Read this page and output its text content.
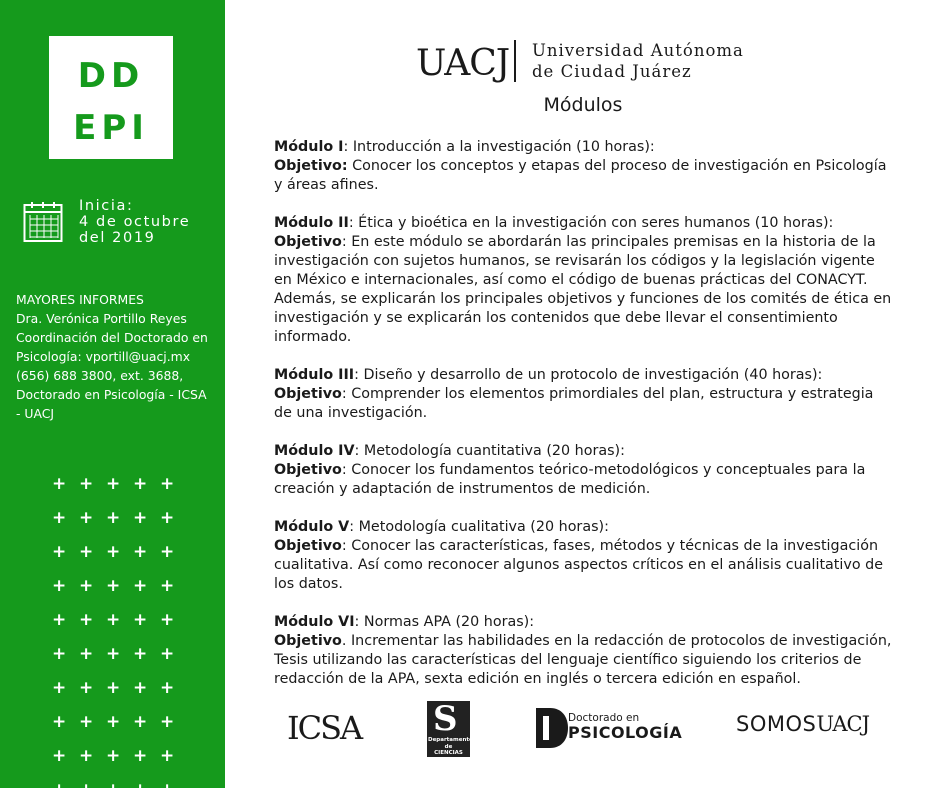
DD
EPI
Inicia:
4 de octubre
del 2019
MAYORES INFORMES
Dra. Verónica Portillo Reyes
Coordinación del Doctorado en
Psicología: vportill@uacj.mx
(656) 688 3800, ext. 3688,
Doctorado en Psicología - ICSA
- UACJ
+ + + + +
+ + + + +
+ + + + +
+ + + + +
+ + + + +
+ + + + +
+ + + + +
+ + + + +
+ + + + +
+ + + + +
UACJ Universidad Autónoma
de Ciudad Juárez
Módulos

Módulo I: Introducción a la investigación (10 horas):

Objetivo: Conocer los conceptos y etapas del proceso de investigación en Psicología y áreas afines.

Módulo II: Ética y bioética en la investigación con seres humanos (10 horas):

Objetivo: En este módulo se abordarán las principales premisas en la historia de la investigación con sujetos humanos, se revisarán los códigos y la legislación vigente en México e internacionales, así como el código de buenas prácticas del CONACYT. Además, se explicarán los principales objetivos y funciones de los comités de ética en investigación y se explicarán los contenidos que debe llevar el consentimiento informado.

Módulo III: Diseño y desarrollo de un protocolo de investigación (40 horas):

Objetivo: Comprender los elementos primordiales del plan, estructura y estrategia de una investigación.

Módulo IV: Metodología cuantitativa (20 horas):

Objetivo: Conocer los fundamentos teórico-metodológicos y conceptuales para la creación y adaptación de instrumentos de medición.

Módulo V: Metodología cualitativa (20 horas):

Objetivo: Conocer las características, fases, métodos y técnicas de la investigación cualitativa. Así como reconocer algunos aspectos críticos en el análisis cualitativo de los datos.

Módulo VI: Normas APA (20 horas):

Objetivo. Incrementar las habilidades en la redacción de protocolos de investigación, Tesis utilizando las características del lenguaje científico siguiendo los criterios de redacción de la APA, sexta edición en inglés o tercera edición en español.

ICSA S
Departamento de
CIENCIAS
SOCIALES
Doctorado en
PSICOLOGÍA	SOMOSUACJ
